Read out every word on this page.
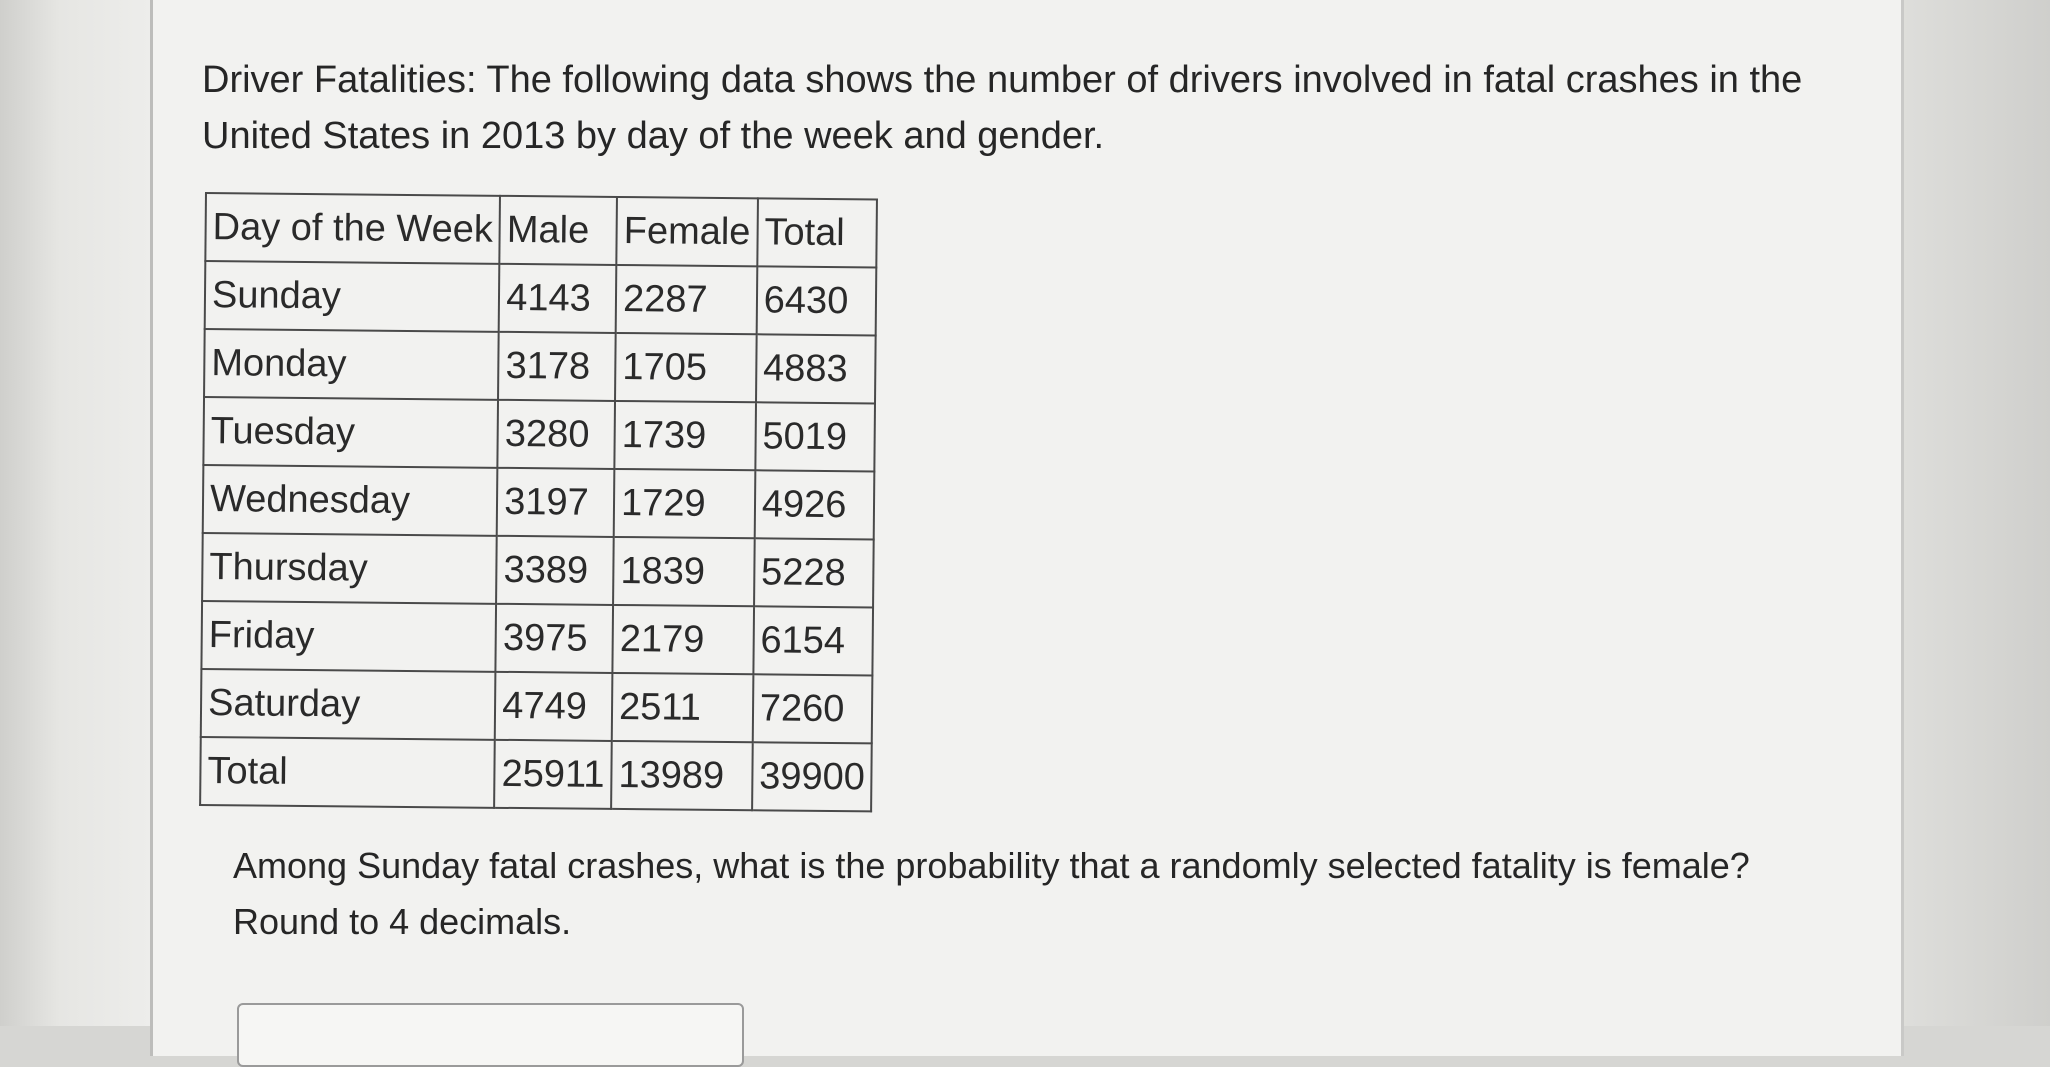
Driver Fatalities: The following data shows the number of drivers involved in fatal crashes in the
United States in 2013 by day of the week and gender.
Day of the Week	Male	Female	Total
Sunday	4143	2287	6430
Monday	3178	1705	4883
Tuesday	3280	1739	5019
Wednesday	3197	1729	4926
Thursday	3389	1839	5228
Friday	3975	2179	6154
Saturday	4749	2511	7260
Total	25911	13989	39900
Among Sunday fatal crashes, what is the probability that a randomly selected fatality is female?
Round to 4 decimals.
